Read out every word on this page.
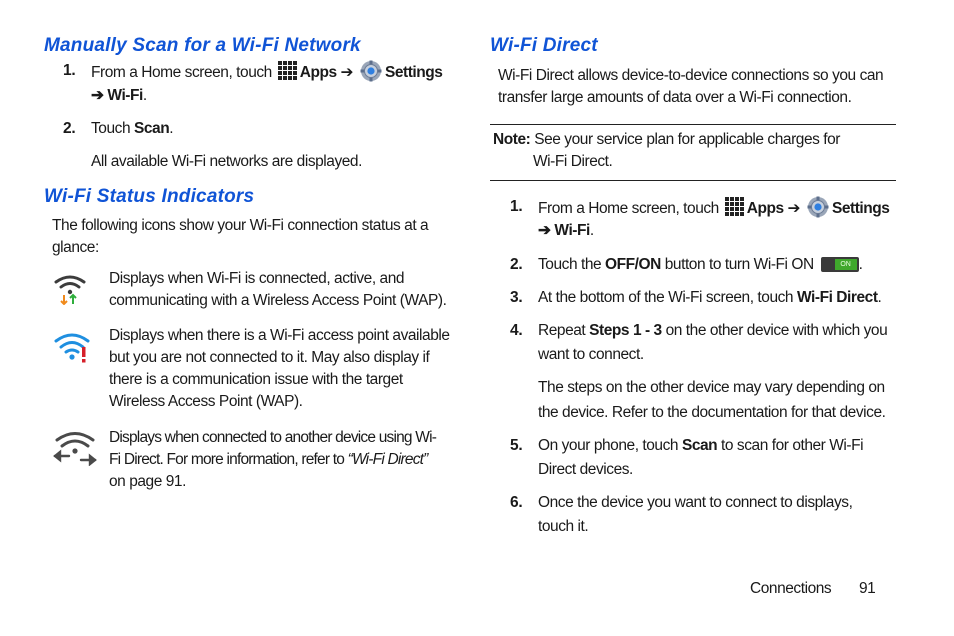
Manually Scan for a Wi-Fi Network
1. From a Home screen, touch Apps ➔ Settings

➔ Wi-Fi.

2. Touch Scan.

All available Wi-Fi networks are displayed.

Wi-Fi Status Indicators

The following icons show your Wi-Fi connection status at a

glance:

Displays when Wi-Fi is connected, active, and

communicating with a Wireless Access Point (WAP).

Displays when there is a Wi-Fi access point available

but you are not connected to it. May also display if

there is a communication issue with the target

Wireless Access Point (WAP).

Displays when connected to another device using Wi-

Fi Direct. For more information, refer to “Wi-Fi Direct”

on page 91.

Wi-Fi Direct

Wi-Fi Direct allows device-to-device connections so you can

transfer large amounts of data over a Wi-Fi connection.

Note: See your service plan for applicable charges for

Wi-Fi Direct.

1. From a Home screen, touch Apps ➔ Settings

➔ Wi-Fi.

2. Touch the OFF/ON button to turn Wi-Fi ON	ON .

3. At the bottom of the Wi-Fi screen, touch Wi-Fi Direct.

4. Repeat Steps 1 - 3 on the other device with which you

want to connect.

The steps on the other device may vary depending on

the device. Refer to the documentation for that device.

5. On your phone, touch Scan to scan for other Wi-Fi

Direct devices.

6. Once the device you want to connect to displays,

touch it.

Connections 91
